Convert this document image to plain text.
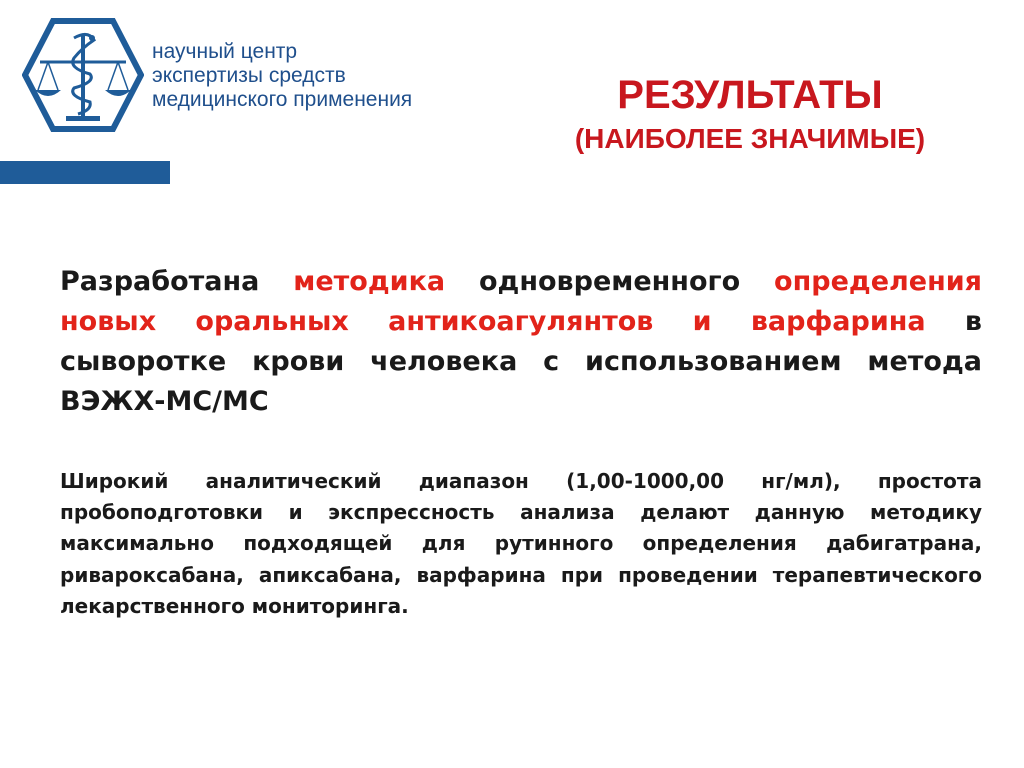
научный центр
экспертизы средств
медицинского применения	РЕЗУЛЬТАТЫ
(НАИБОЛЕЕ ЗНАЧИМЫЕ)
Разработана методика одновременного определения новых оральных антикоагулянтов и варфарина в сыворотке крови человека с использованием метода ВЭЖХ-МС/МС
Широкий аналитический диапазон (1,00-1000,00 нг/мл), простота пробоподготовки и экспрессность анализа делают данную методику максимально подходящей для рутинного определения дабигатрана, ривароксабана, апиксабана, варфарина при проведении терапевтического лекарственного мониторинга.
